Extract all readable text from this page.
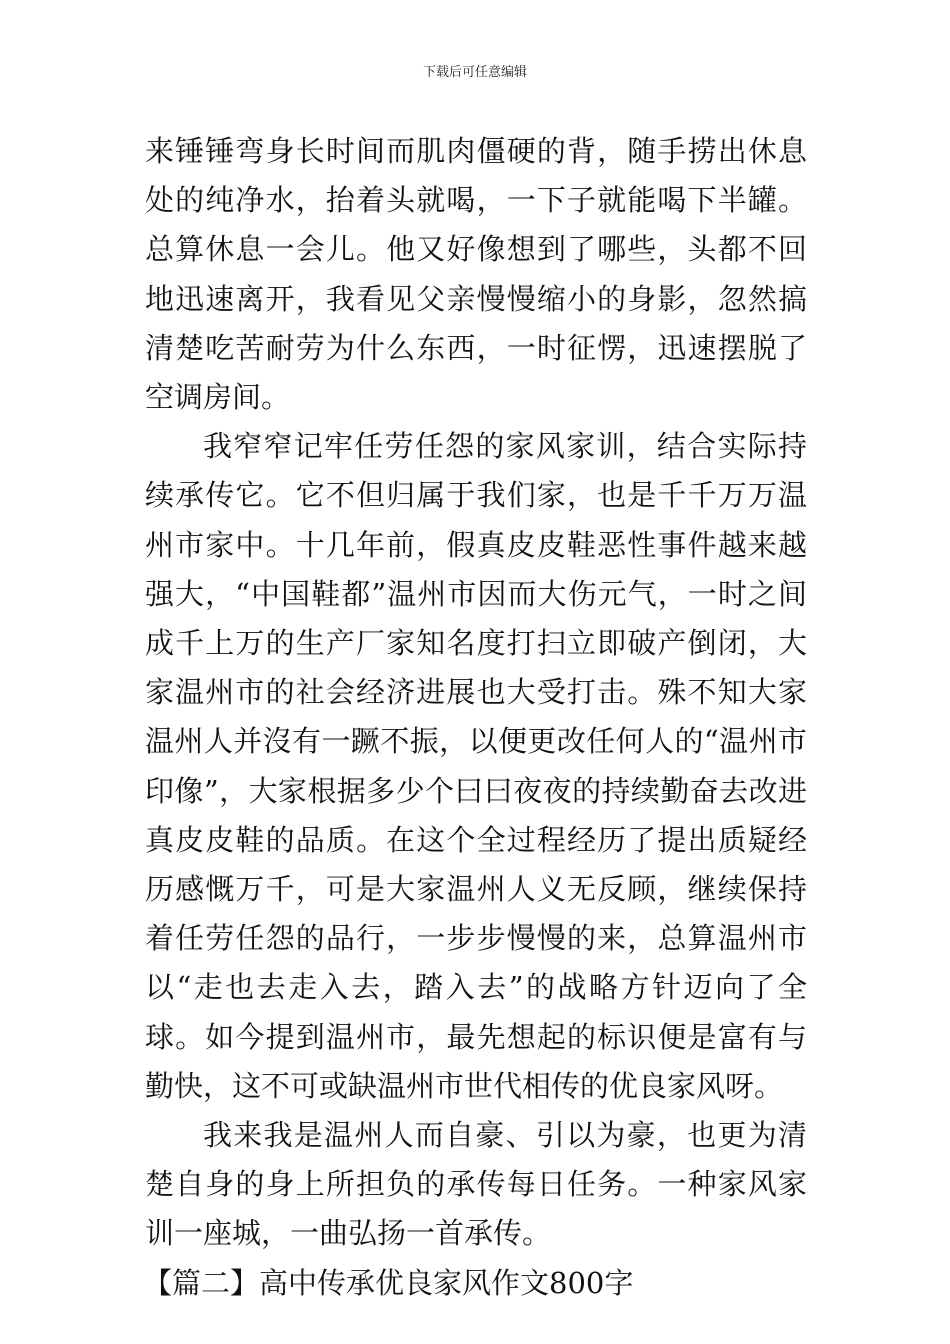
下载后可任意编辑

来锤锤弯身长时间而肌肉僵硬的背，随手捞出休息处的纯净水，抬着头就喝，一下子就能喝下半罐。总算休息一会儿。他又好像想到了哪些，头都不回地迅速离开，我看见父亲慢慢缩小的身影，忽然搞清楚吃苦耐劳为什么东西，一时征愣，迅速摆脱了空调房间。

我窄窄记牢任劳任怨的家风家训，结合实际持续承传它。它不但归属于我们家，也是千千万万温州市家中。十几年前，假真皮皮鞋恶性事件越来越强大，“中国鞋都”温州市因而大伤元气，一时之间成千上万的生产厂家知名度打扫立即破产倒闭，大家温州市的社会经济进展也大受打击。殊不知大家温州人并沒有一蹶不振，以便更改任何人的“温州市印像”，大家根据多少个曰曰夜夜的持续勤奋去改进真皮皮鞋的品质。在这个全过程经历了提出质疑经历感慨万千，可是大家温州人义无反顾，继续保持着任劳任怨的品行，一步步慢慢的来，总算温州市以“走也去走入去，踏入去”的战略方针迈向了全球。如今提到温州市，最先想起的标识便是富有与勤快，这不可或缺温州市世代相传的优良家风呀。

我来我是温州人而自豪、引以为豪，也更为清楚自身的身上所担负的承传每日任务。一种家风家训一座城，一曲弘扬一首承传。

【篇二】高中传承优良家风作文800字
